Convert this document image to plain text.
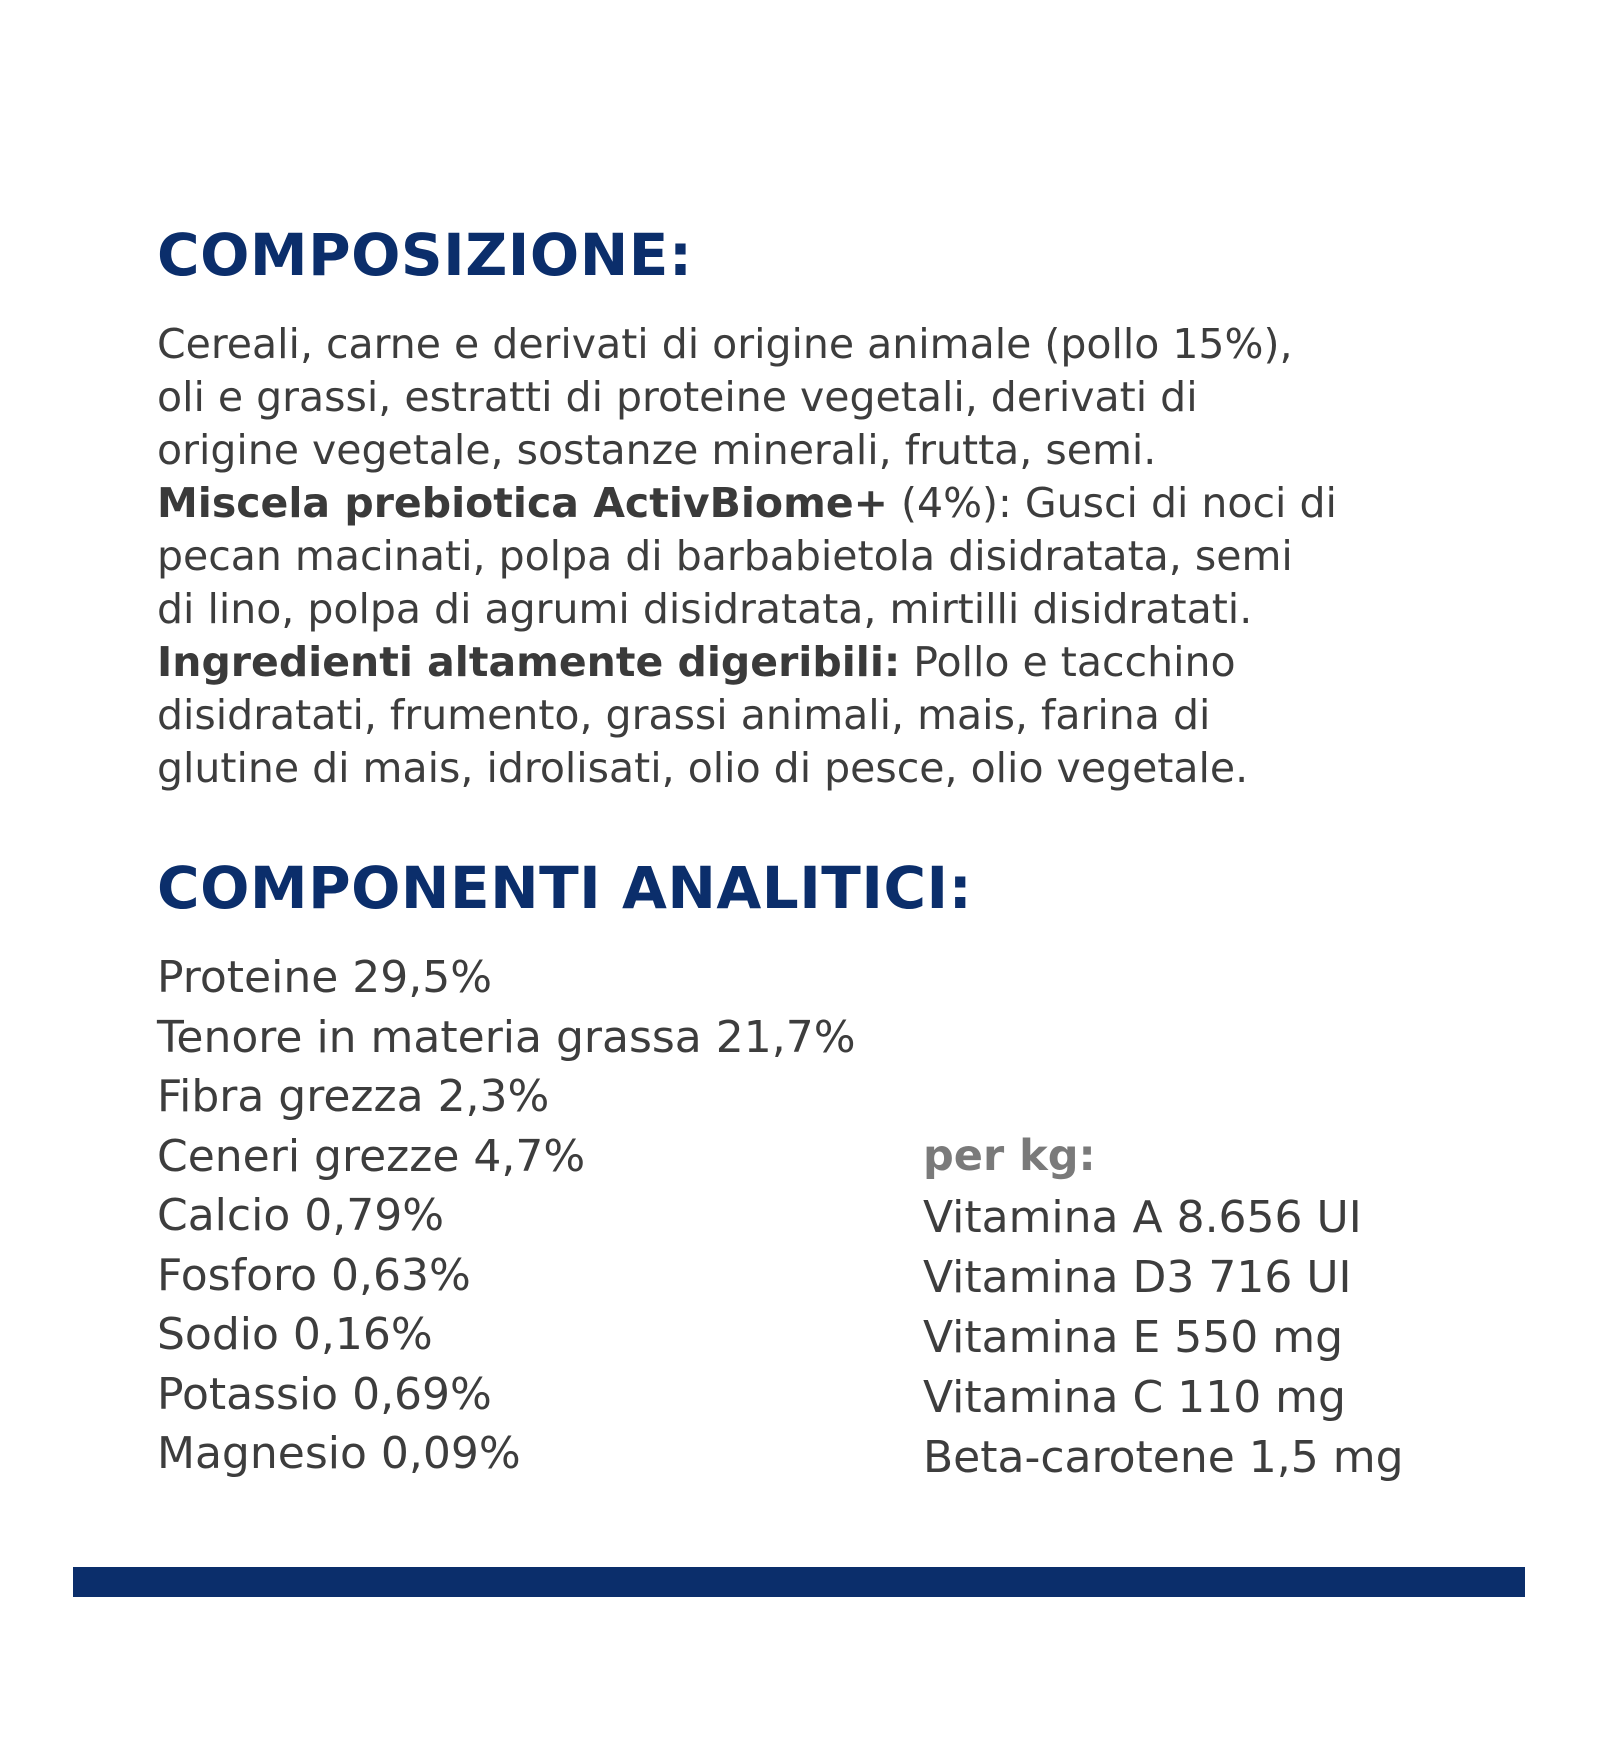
COMPOSIZIONE:

Cereali, carne e derivati di origine animale (pollo 15%),

oli e grassi, estratti di proteine vegetali, derivati di

origine vegetale, sostanze minerali, frutta, semi.

Miscela prebiotica ActivBiome+ (4%): Gusci di noci di

pecan macinati, polpa di barbabietola disidratata, semi

di lino, polpa di agrumi disidratata, mirtilli disidratati.

Ingredienti altamente digeribili: Pollo e tacchino

disidratati, frumento, grassi animali, mais, farina di

glutine di mais, idrolisati, olio di pesce, olio vegetale.

COMPONENTI ANALITICI:
Proteine 29,5%
Tenore in materia grassa 21,7%
Fibra grezza 2,3%
Ceneri grezze 4,7%
Calcio 0,79%
Fosforo 0,63%
Sodio 0,16%
Potassio 0,69%
Magnesio 0,09%
per kg:
Vitamina A 8.656 UI
Vitamina D3 716 UI
Vitamina E 550 mg
Vitamina C 110 mg
Beta-carotene 1,5 mg
